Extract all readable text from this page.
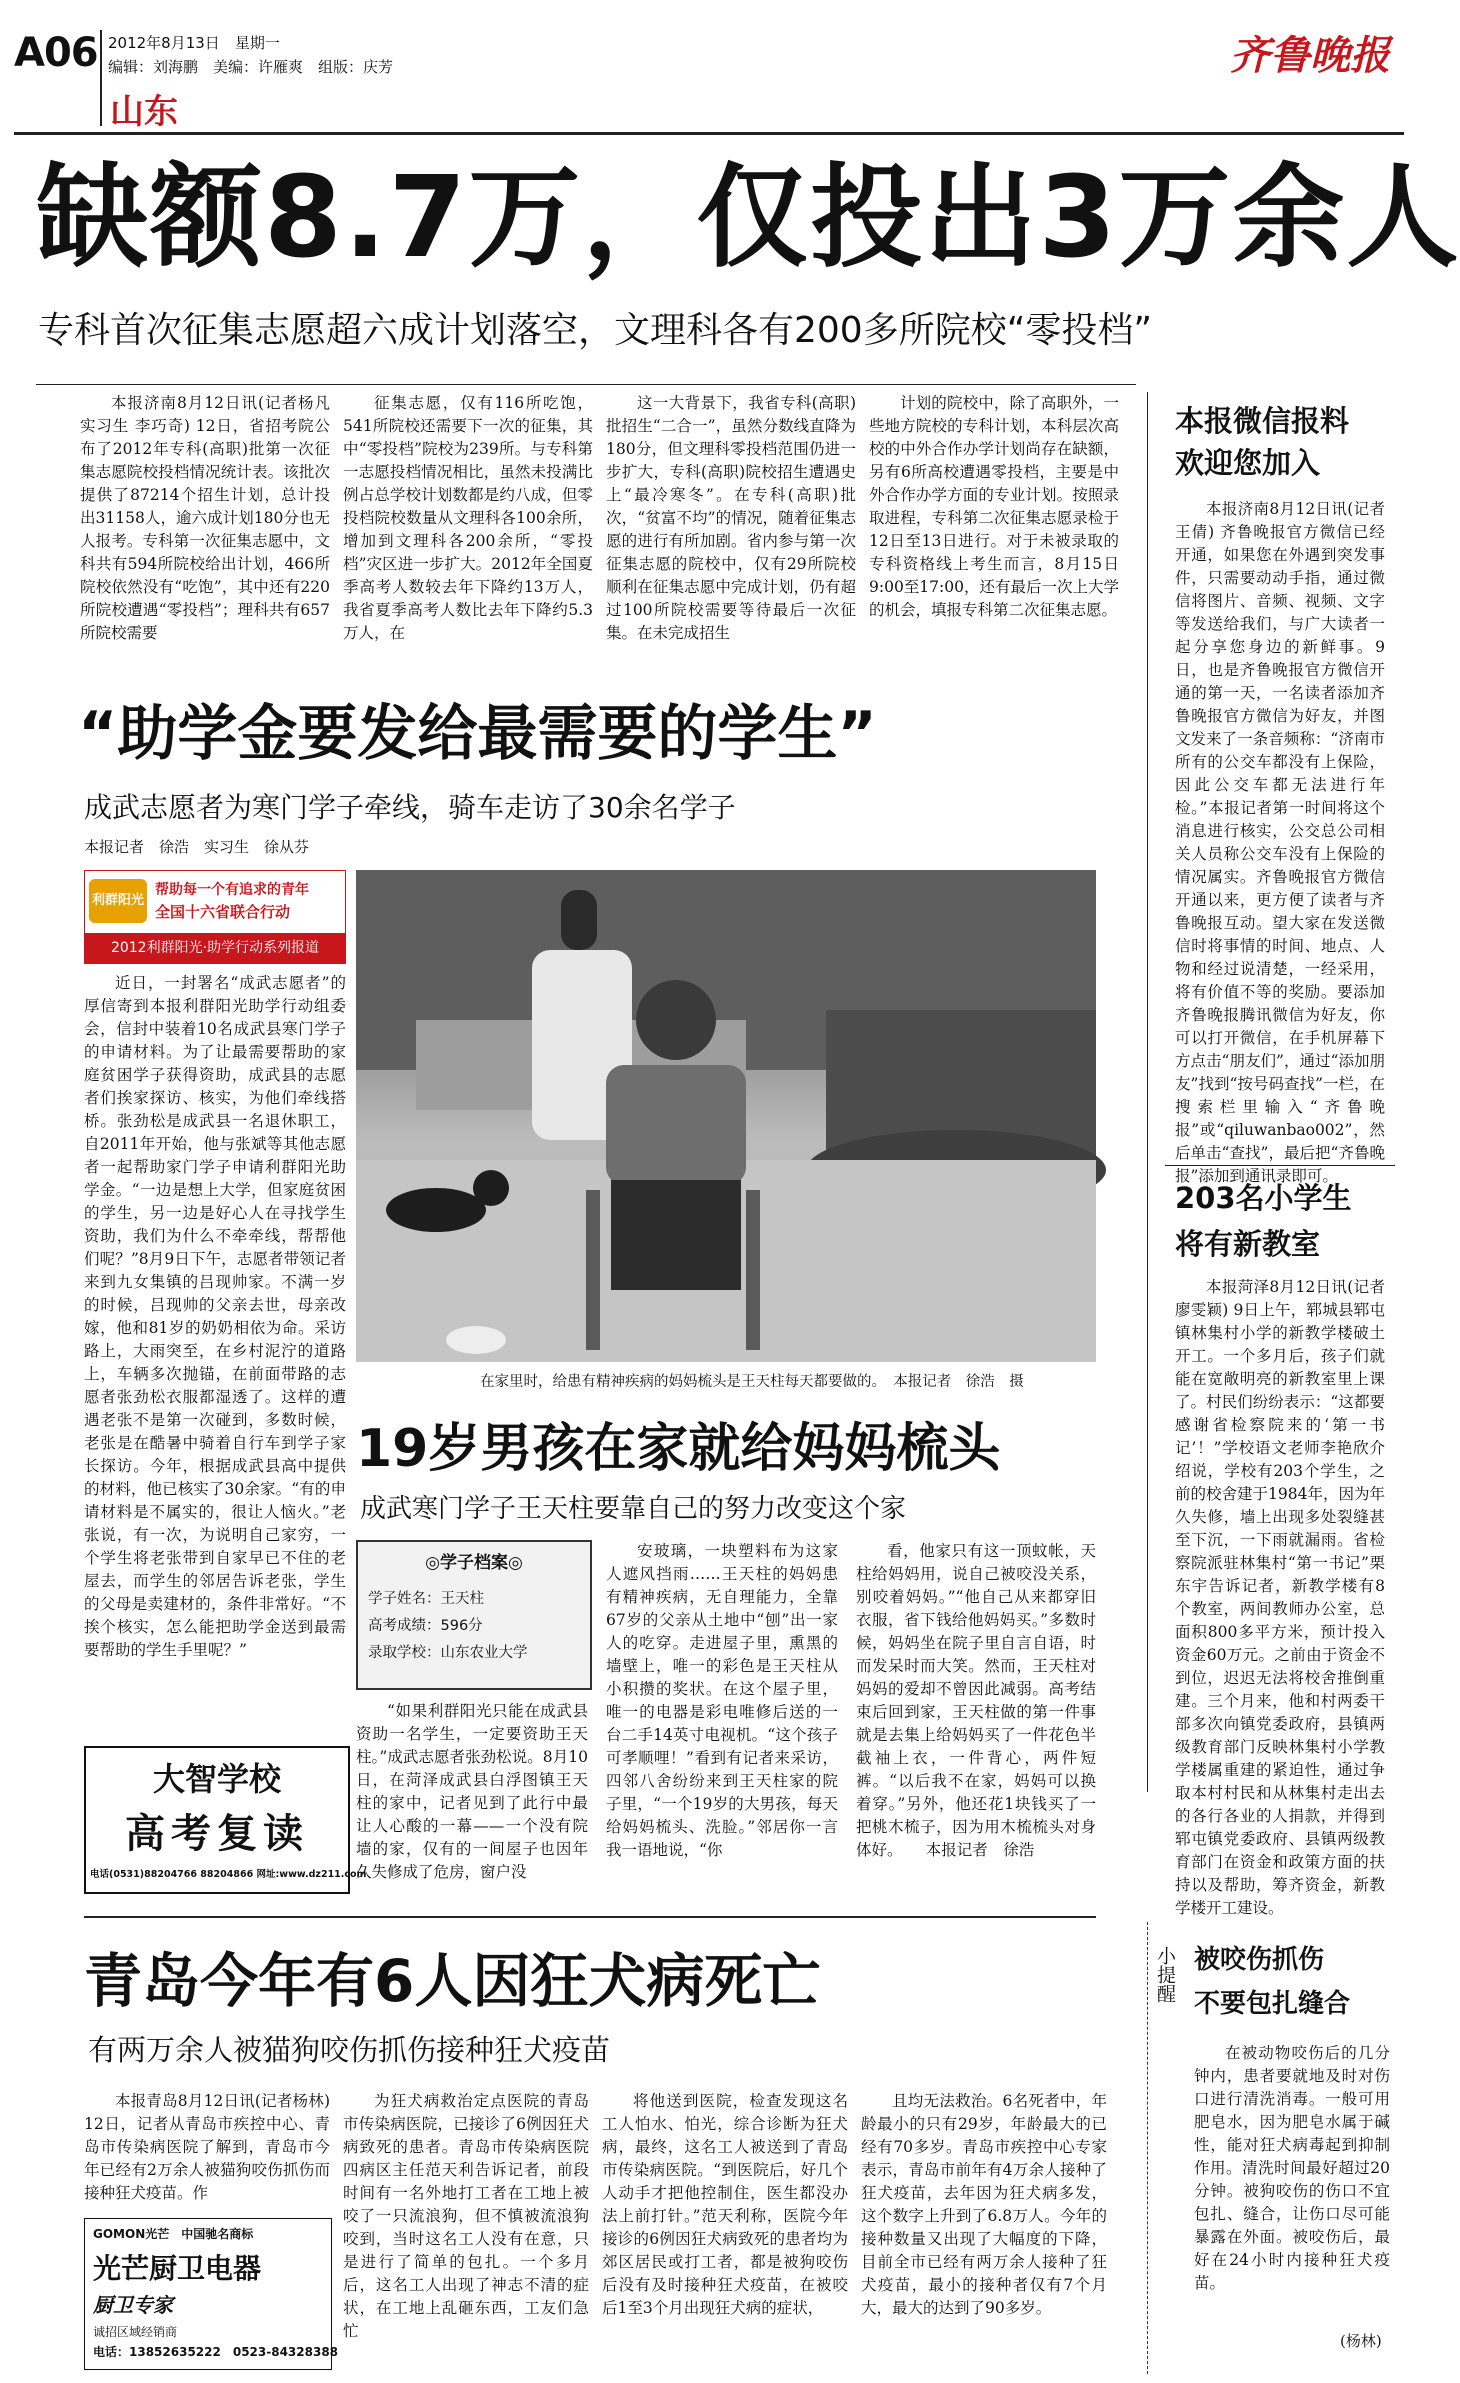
A06 2012年8月13日　 星期一
编辑：刘海鹏　美编：许雁爽　组版：庆芳
山东
齐鲁晚报
缺额8.7万，仅投出3万余人
专科首次征集志愿超六成计划落空，文理科各有200多所院校“零投档”

本报济南8月12日讯(记者杨凡 实习生 李巧奇) 12日，省招考院公布了2012年专科(高职)批第一次征集志愿院校投档情况统计表。该批次提供了87214个招生计划，总计投出31158人，逾六成计划180分也无人报考。专科第一次征集志愿中，文科共有594所院校给出计划，466所院校依然没有“吃饱”，其中还有220所院校遭遇“零投档”；理科共有657所院校需要

征集志愿，仅有116所吃饱，541所院校还需要下一次的征集，其中“零投档”院校为239所。与专科第一志愿投档情况相比，虽然未投满比例占总学校计划数都是约八成，但零投档院校数量从文理科各100余所，增加到文理科各200余所，“零投档”灾区进一步扩大。2012年全国夏季高考人数较去年下降约13万人，我省夏季高考人数比去年下降约5.3万人，在

这一大背景下，我省专科(高职)批招生“二合一”，虽然分数线直降为180分，但文理科零投档范围仍进一步扩大，专科(高职)院校招生遭遇史上“最冷寒冬”。在专科(高职)批次，“贫富不均”的情况，随着征集志愿的进行有所加剧。省内参与第一次征集志愿的院校中，仅有29所院校顺利在征集志愿中完成计划，仍有超过100所院校需要等待最后一次征集。在未完成招生

计划的院校中，除了高职外，一些地方院校的专科计划，本科层次高校的中外合作办学计划尚存在缺额，另有6所高校遭遇零投档，主要是中外合作办学方面的专业计划。按照录取进程，专科第二次征集志愿录检于12日至13日进行。对于未被录取的专科资格线上考生而言，8月15日9:00至17:00，还有最后一次上大学的机会，填报专科第二次征集志愿。

本报微信报料
欢迎您加入

本报济南8月12日讯(记者 王倩) 齐鲁晚报官方微信已经开通，如果您在外遇到突发事件，只需要动动手指，通过微信将图片、音频、视频、文字等发送给我们，与广大读者一起分享您身边的新鲜事。9日，也是齐鲁晚报官方微信开通的第一天，一名读者添加齐鲁晚报官方微信为好友，并图文发来了一条音频称：“济南市所有的公交车都没有上保险，因此公交车都无法进行年检。”本报记者第一时间将这个消息进行核实，公交总公司相关人员称公交车没有上保险的情况属实。齐鲁晚报官方微信开通以来，更方便了读者与齐鲁晚报互动。望大家在发送微信时将事情的时间、地点、人物和经过说清楚，一经采用，将有价值不等的奖励。要添加齐鲁晚报腾讯微信为好友，你可以打开微信，在手机屏幕下方点击“朋友们”，通过“添加朋友”找到“按号码查找”一栏，在搜索栏里输入“齐鲁晚报”或“qiluwanbao002”，然后单击“查找”，最后把“齐鲁晚报”添加到通讯录即可。

203名小学生
将有新教室

本报菏泽8月12日讯(记者 廖雯颖) 9日上午，郓城县郓屯镇林集村小学的新教学楼破土开工。一个多月后，孩子们就能在宽敞明亮的新教室里上课了。村民们纷纷表示：“这都要感谢省检察院来的‘第一书记’！”学校语文老师李艳欣介绍说，学校有203个学生，之前的校舍建于1984年，因为年久失修，墙上出现多处裂缝甚至下沉，一下雨就漏雨。省检察院派驻林集村“第一书记”栗东宇告诉记者，新教学楼有8个教室，两间教师办公室，总面积800多平方米，预计投入资金60万元。之前由于资金不到位，迟迟无法将校舍推倒重建。三个月来，他和村两委干部多次向镇党委政府，县镇两级教育部门反映林集村小学教学楼属重建的紧迫性，通过争取本村村民和从林集村走出去的各行各业的人捐款，并得到郓屯镇党委政府、县镇两级教育部门在资金和政策方面的扶持以及帮助，筹齐资金，新教学楼开工建设。

“助学金要发给最需要的学生”
成武志愿者为寒门学子牵线，骑车走访了30余名学子
本报记者　徐浩　实习生　徐从芬
利群阳光
帮助每一个有追求的青年
全国十六省联合行动
2012利群阳光·助学行动系列报道

近日，一封署名“成武志愿者”的厚信寄到本报利群阳光助学行动组委会，信封中装着10名成武县寒门学子的申请材料。为了让最需要帮助的家庭贫困学子获得资助，成武县的志愿者们挨家探访、核实，为他们牵线搭桥。张劲松是成武县一名退休职工，自2011年开始，他与张斌等其他志愿者一起帮助家门学子申请利群阳光助学金。“一边是想上大学，但家庭贫困的学生，另一边是好心人在寻找学生资助，我们为什么不牵牵线，帮帮他们呢？”8月9日下午，志愿者带领记者来到九女集镇的吕现帅家。不满一岁的时候，吕现帅的父亲去世，母亲改嫁，他和81岁的奶奶相依为命。采访路上，大雨突至，在乡村泥泞的道路上，车辆多次抛锚，在前面带路的志愿者张劲松衣服都湿透了。这样的遭遇老张不是第一次碰到，多数时候，老张是在酷暑中骑着自行车到学子家长探访。今年，根据成武县高中提供的材料，他已核实了30余家。“有的申请材料是不属实的，很让人恼火。”老张说，有一次，为说明自己家穷，一个学生将老张带到自家早已不住的老屋去，而学生的邻居告诉老张，学生的父母是卖建材的，条件非常好。“不挨个核实，怎么能把助学金送到最需要帮助的学生手里呢？”

在家里时，给患有精神疾病的妈妈梳头是王天柱每天都要做的。　本报记者　徐浩　摄
19岁男孩在家就给妈妈梳头
成武寒门学子王天柱要靠自己的努力改变这个家
◎学子档案◎
学子姓名：王天柱
高考成绩：596分
录取学校：山东农业大学

“如果利群阳光只能在成武县资助一名学生，一定要资助王天柱。”成武志愿者张劲松说。8月10日，在菏泽成武县白浮图镇王天柱的家中，记者见到了此行中最让人心酸的一幕——一个没有院墙的家，仅有的一间屋子也因年久失修成了危房，窗户没

安玻璃，一块塑料布为这家人遮风挡雨……王天柱的妈妈患有精神疾病，无自理能力，全靠67岁的父亲从土地中“刨”出一家人的吃穿。走进屋子里，熏黑的墙壁上，唯一的彩色是王天柱从小积攒的奖状。在这个屋子里，唯一的电器是彩电唯修后送的一台二手14英寸电视机。“这个孩子可孝顺哩！”看到有记者来采访，四邻八舍纷纷来到王天柱家的院子里，“一个19岁的大男孩，每天给妈妈梳头、洗脸。”邻居你一言我一语地说，“你

看，他家只有这一顶蚊帐，天柱给妈妈用，说自己被咬没关系，别咬着妈妈。”“他自己从来都穿旧衣服，省下钱给他妈妈买。”多数时候，妈妈坐在院子里自言自语，时而发呆时而大笑。然而，王天柱对妈妈的爱却不曾因此减弱。高考结束后回到家，王天柱做的第一件事就是去集上给妈妈买了一件花色半截袖上衣，一件背心，两件短裤。“以后我不在家，妈妈可以换着穿。”另外，他还花1块钱买了一把桃木梳子，因为用木梳梳头对身体好。　　本报记者　徐浩

大智学校
高考复读
电话(0531)88204766 88204866 网址:www.dz211.com
青岛今年有6人因狂犬病死亡
有两万余人被猫狗咬伤抓伤接种狂犬疫苗

本报青岛8月12日讯(记者杨林) 12日，记者从青岛市疾控中心、青岛市传染病医院了解到，青岛市今年已经有2万余人被猫狗咬伤抓伤而接种狂犬疫苗。作

为狂犬病救治定点医院的青岛市传染病医院，已接诊了6例因狂犬病致死的患者。青岛市传染病医院四病区主任范天利告诉记者，前段时间有一名外地打工者在工地上被咬了一只流浪狗，但不慎被流浪狗咬到，当时这名工人没有在意，只是进行了简单的包扎。一个多月后，这名工人出现了神志不清的症状，在工地上乱砸东西，工友们急忙

将他送到医院，检查发现这名工人怕水、怕光，综合诊断为狂犬病，最终，这名工人被送到了青岛市传染病医院。“到医院后，好几个人动手才把他控制住，医生都没办法上前打针。”范天利称，医院今年接诊的6例因狂犬病致死的患者均为郊区居民或打工者，都是被狗咬伤后没有及时接种狂犬疫苗，在被咬后1至3个月出现狂犬病的症状，

且均无法救治。6名死者中，年龄最小的只有29岁，年龄最大的已经有70多岁。青岛市疾控中心专家表示，青岛市前年有4万余人接种了狂犬疫苗，去年因为狂犬病多发，这个数字上升到了6.8万人。今年的接种数量又出现了大幅度的下降，目前全市已经有两万余人接种了狂犬疫苗，最小的接种者仅有7个月大，最大的达到了90多岁。

GOMON光芒　中国驰名商标
光芒厨卫电器
厨卫专家
诚招区域经销商
电话：13852635222　0523-84328388
小提醒 被咬伤抓伤
不要包扎缝合

在被动物咬伤后的几分钟内，患者要就地及时对伤口进行清洗消毒。一般可用肥皂水，因为肥皂水属于碱性，能对狂犬病毒起到抑制作用。清洗时间最好超过20分钟。被狗咬伤的伤口不宜包扎、缝合，让伤口尽可能暴露在外面。被咬伤后，最好在24小时内接种狂犬疫苗。

(杨林)
